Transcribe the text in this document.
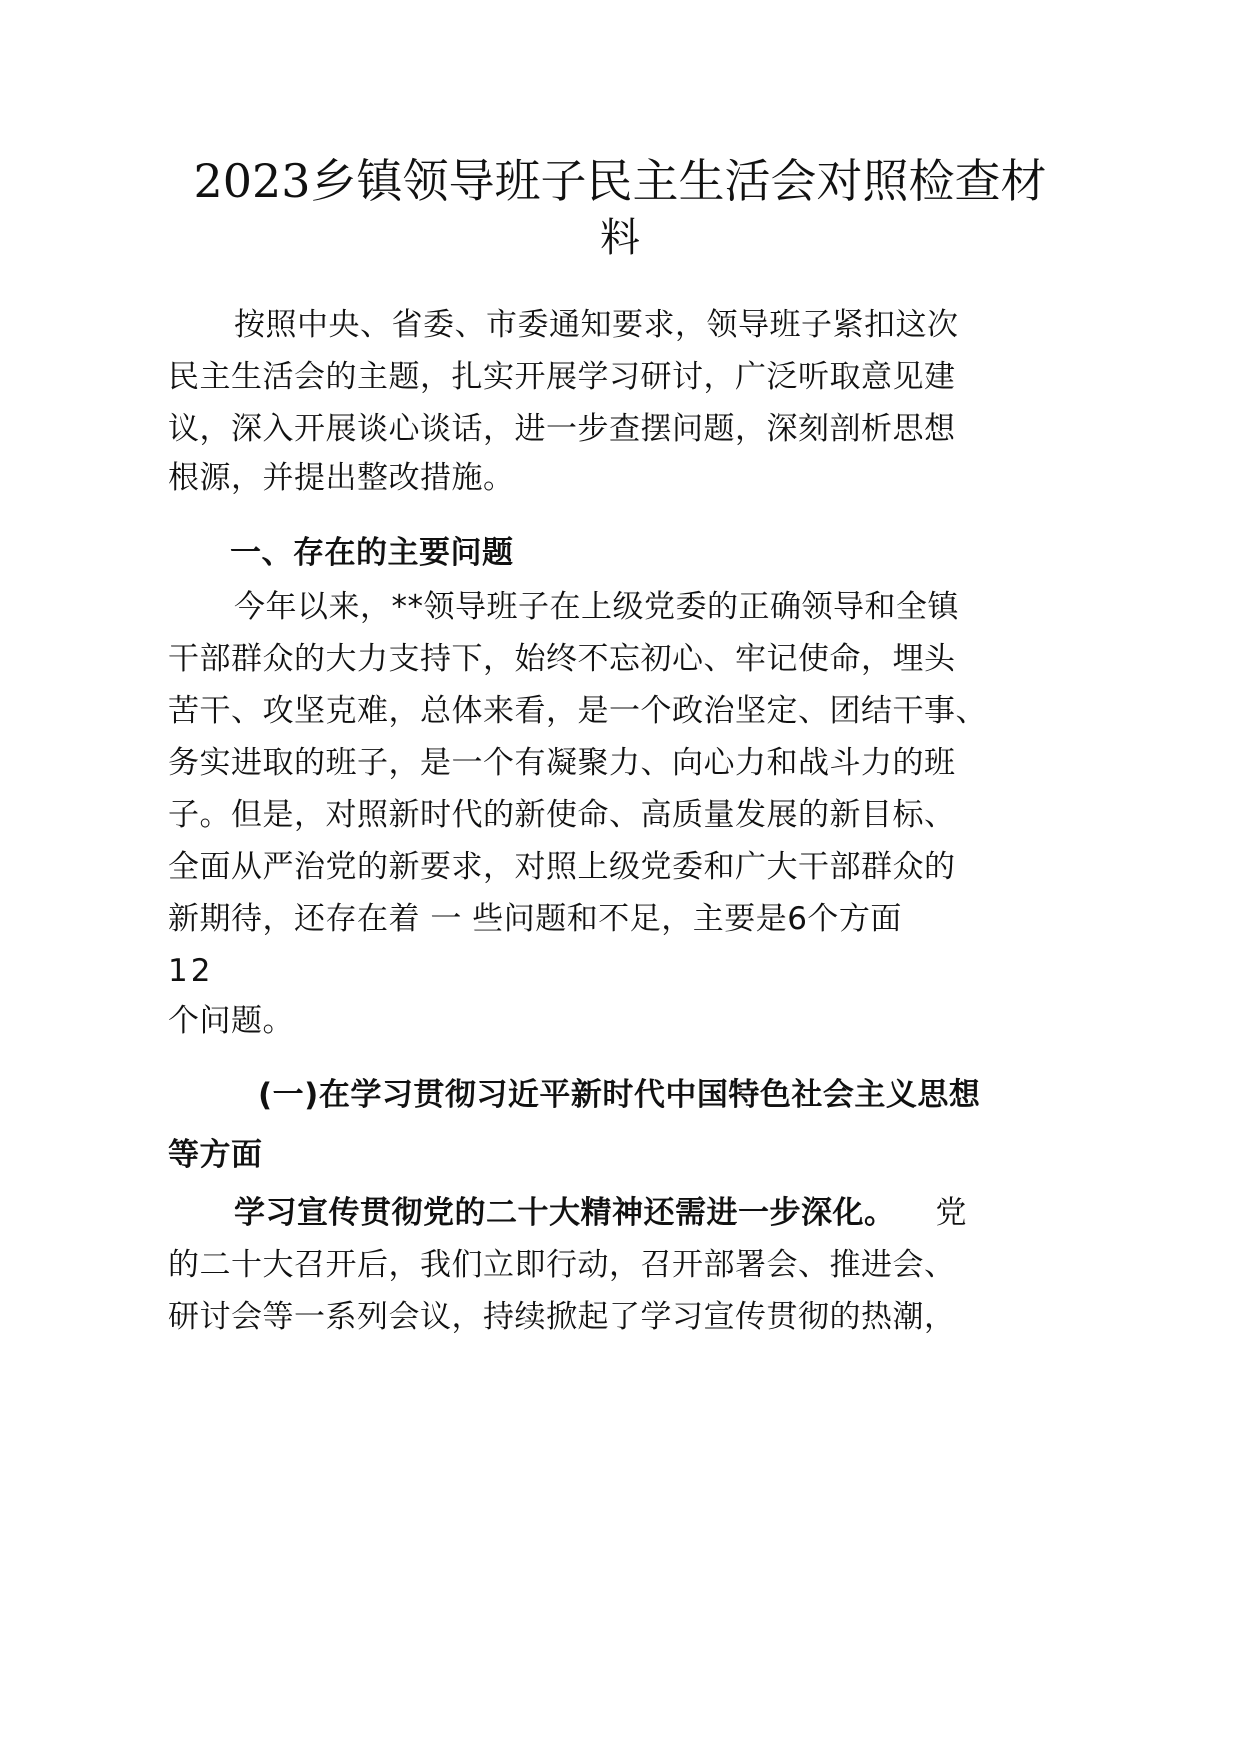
2023乡镇领导班子民主生活会对照检查材
料

按照中央、省委、市委通知要求，领导班子紧扣这次

民主生活会的主题，扎实开展学习研讨，广泛听取意见建

议，深入开展谈心谈话，进一步查摆问题，深刻剖析思想

根源，并提出整改措施。

一、存在的主要问题

今年以来，**领导班子在上级党委的正确领导和全镇

干部群众的大力支持下，始终不忘初心、牢记使命，埋头

苦干、攻坚克难，总体来看，是一个政治坚定、团结干事、

务实进取的班子，是一个有凝聚力、向心力和战斗力的班

子。但是，对照新时代的新使命、高质量发展的新目标、

全面从严治党的新要求，对照上级党委和广大干部群众的

新期待，还存在着 一 些问题和不足，主要是6个方面

12

个问题。

(一)在学习贯彻习近平新时代中国特色社会主义思想

等方面

学习宣传贯彻党的二十大精神还需进一步深化。 党

的二十大召开后，我们立即行动，召开部署会、推进会、

研讨会等一系列会议，持续掀起了学习宣传贯彻的热潮，
